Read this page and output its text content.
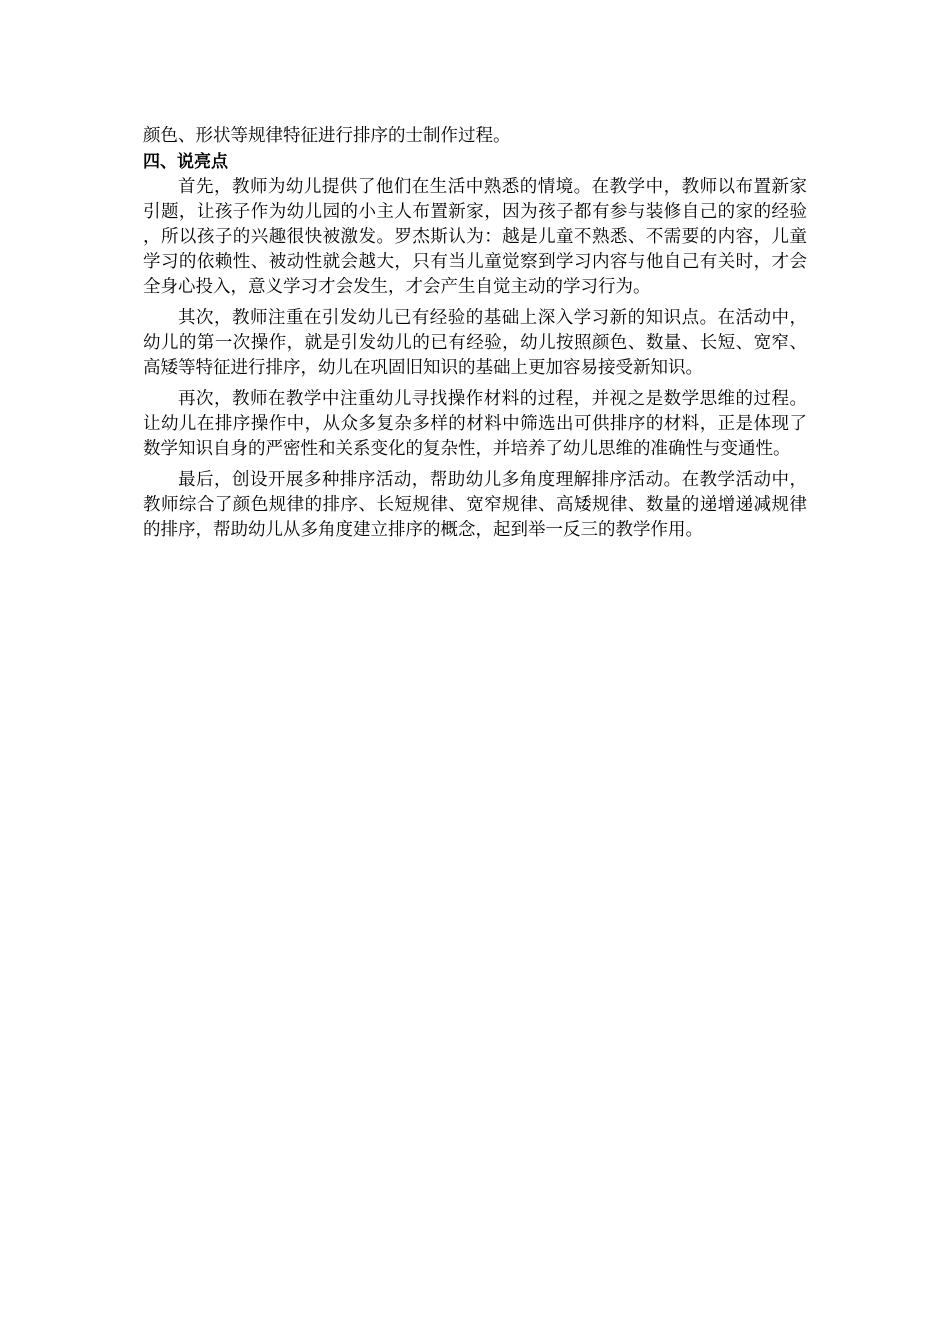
颜色、形状等规律特征进行排序的士制作过程。

四、说亮点

首先，教师为幼儿提供了他们在生活中熟悉的情境。在教学中，教师以布置新家引题，让孩子作为幼儿园的小主人布置新家，因为孩子都有参与装修自己的家的经验，所以孩子的兴趣很快被激发。罗杰斯认为：越是儿童不熟悉、不需要的内容，儿童学习的依赖性、被动性就会越大，只有当儿童觉察到学习内容与他自己有关时，才会全身心投入，意义学习才会发生，才会产生自觉主动的学习行为。

其次，教师注重在引发幼儿已有经验的基础上深入学习新的知识点。在活动中，幼儿的第一次操作，就是引发幼儿的已有经验，幼儿按照颜色、数量、长短、宽窄、高矮等特征进行排序，幼儿在巩固旧知识的基础上更加容易接受新知识。

再次，教师在教学中注重幼儿寻找操作材料的过程，并视之是数学思维的过程。让幼儿在排序操作中，从众多复杂多样的材料中筛选出可供排序的材料，正是体现了数学知识自身的严密性和关系变化的复杂性，并培养了幼儿思维的准确性与变通性。

最后，创设开展多种排序活动，帮助幼儿多角度理解排序活动。在教学活动中，教师综合了颜色规律的排序、长短规律、宽窄规律、高矮规律、数量的递增递减规律的排序，帮助幼儿从多角度建立排序的概念，起到举一反三的教学作用。
